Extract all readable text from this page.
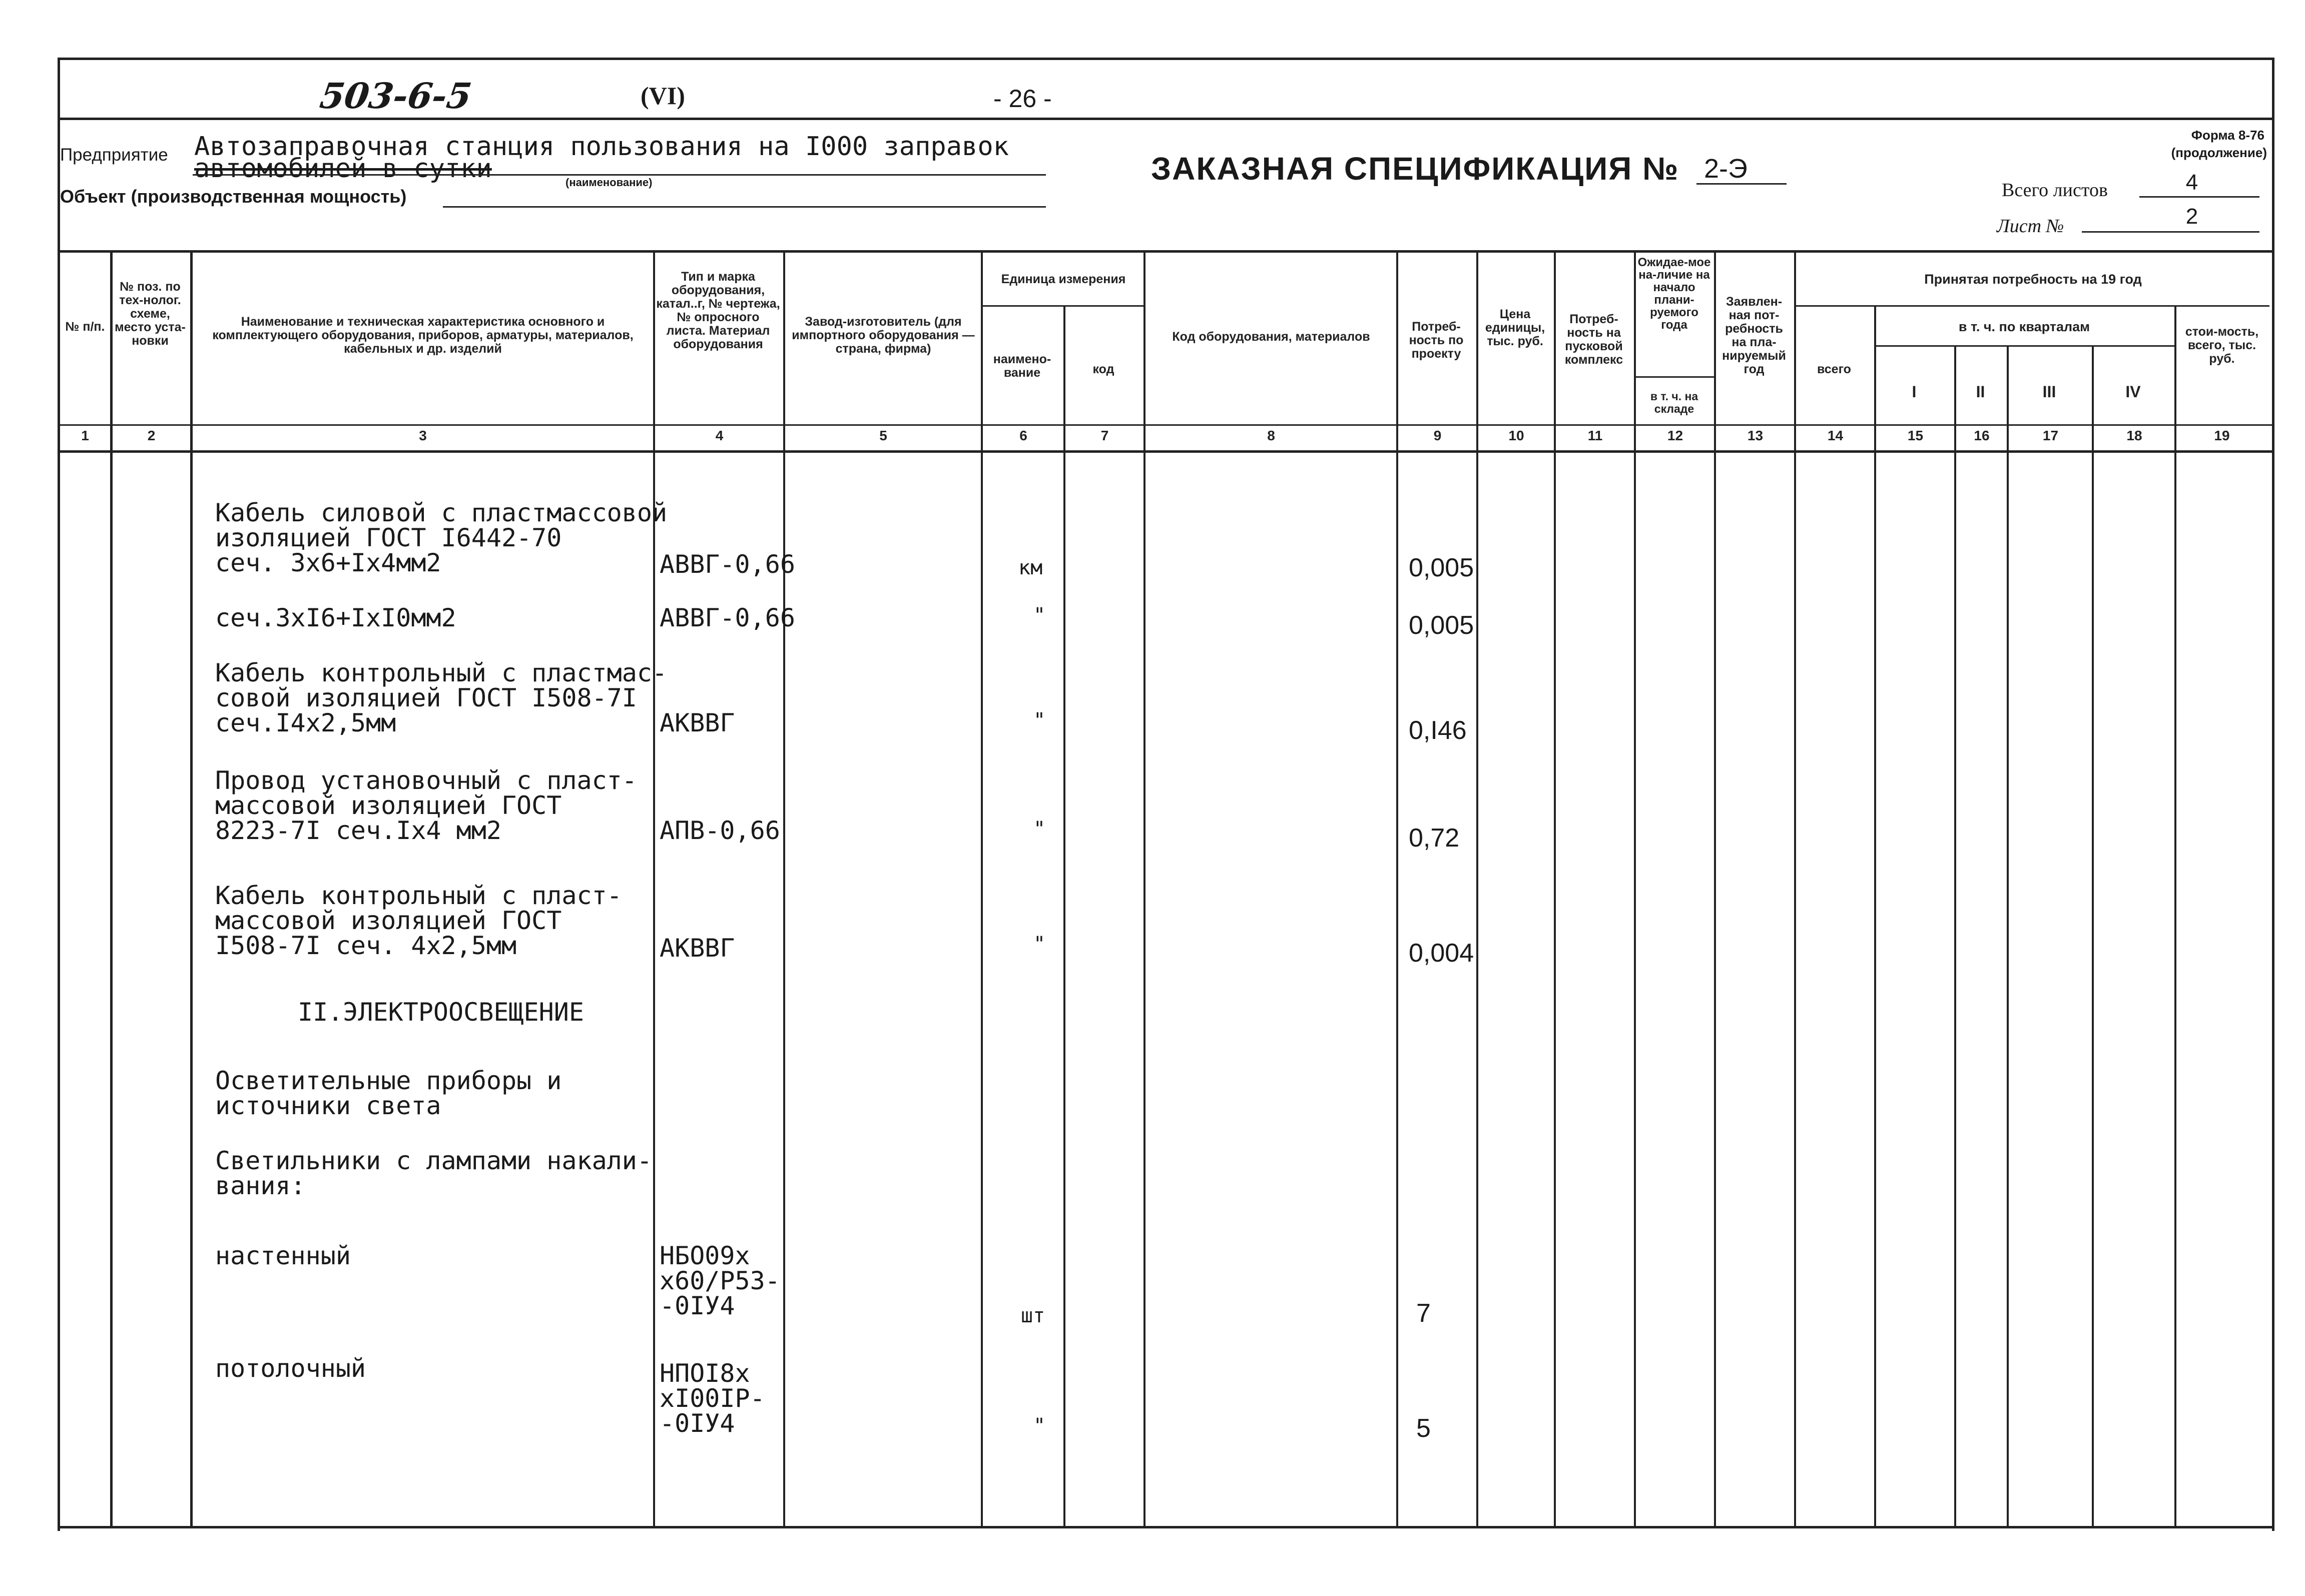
503-6-5	(VI)	- 26 -
Предприятие Автозаправочная станция пользования на I000 заправок
автомобилей в сутки	(наименование)
Объект (производственная мощность)
ЗАКАЗНАЯ СПЕЦИФИКАЦИЯ № 2-Э
Форма 8-76
(продолжение)
Всего листов	4
Лист №	2
№ п/п.
№ поз. по тех-нолог. схеме, место уста-новки
Наименование и техническая характеристика основного и комплектующего оборудования, приборов, арматуры, материалов, кабельных и др. изделий
Тип и марка оборудования, катал..г, № чертежа, № опросного листа. Материал оборудования
Завод-изготовитель (для импортного оборудования — страна, фирма)
Единица измерения
наимено-вание	код
Код оборудования, материалов
Потреб-ность по проекту
Цена единицы, тыс. руб.
Потреб-ность на пусковой комплекс
Ожидае-мое на-личие на начало плани-руемого года
в т. ч. на складе
Заявлен-ная пот-ребность на пла-нируемый год
Принятая потребность на 19 год
всего
в т. ч. по кварталам
I	II	III	IV
стои-мость, всего, тыс. руб.
1	2	3	4	5	6	7	8	9	10	11	12	13	14	15	16	17	18	19
Кабель силовой с пластмассовой
изоляцией ГОСТ I6442-70
сеч. 3х6+Iх4мм2	АВВГ-0,66	км	0,005
сеч.3хI6+IхI0мм2	АВВГ-0,66	"	0,005
Кабель контрольный с пластмас-
совой изоляцией ГОСТ I508-7I
сеч.I4х2,5мм	АКВВГ	"	0,I46
Провод установочный с пласт-
массовой изоляцией ГОСТ
8223-7I сеч.Iх4 мм2	АПВ-0,66	"	0,72
Кабель контрольный с пласт-
массовой изоляцией ГОСТ
I508-7I сеч. 4х2,5мм	АКВВГ	"	0,004
II.ЭЛЕКТРООСВЕЩЕНИЕ
Осветительные приборы и
источники света
Светильники с лампами накали-
вания:
настенный	НБО09х
х60/Р53-
-0IУ4	шт	7
потолочный	НПОI8х
хI00IР-
-0IУ4	"	5
